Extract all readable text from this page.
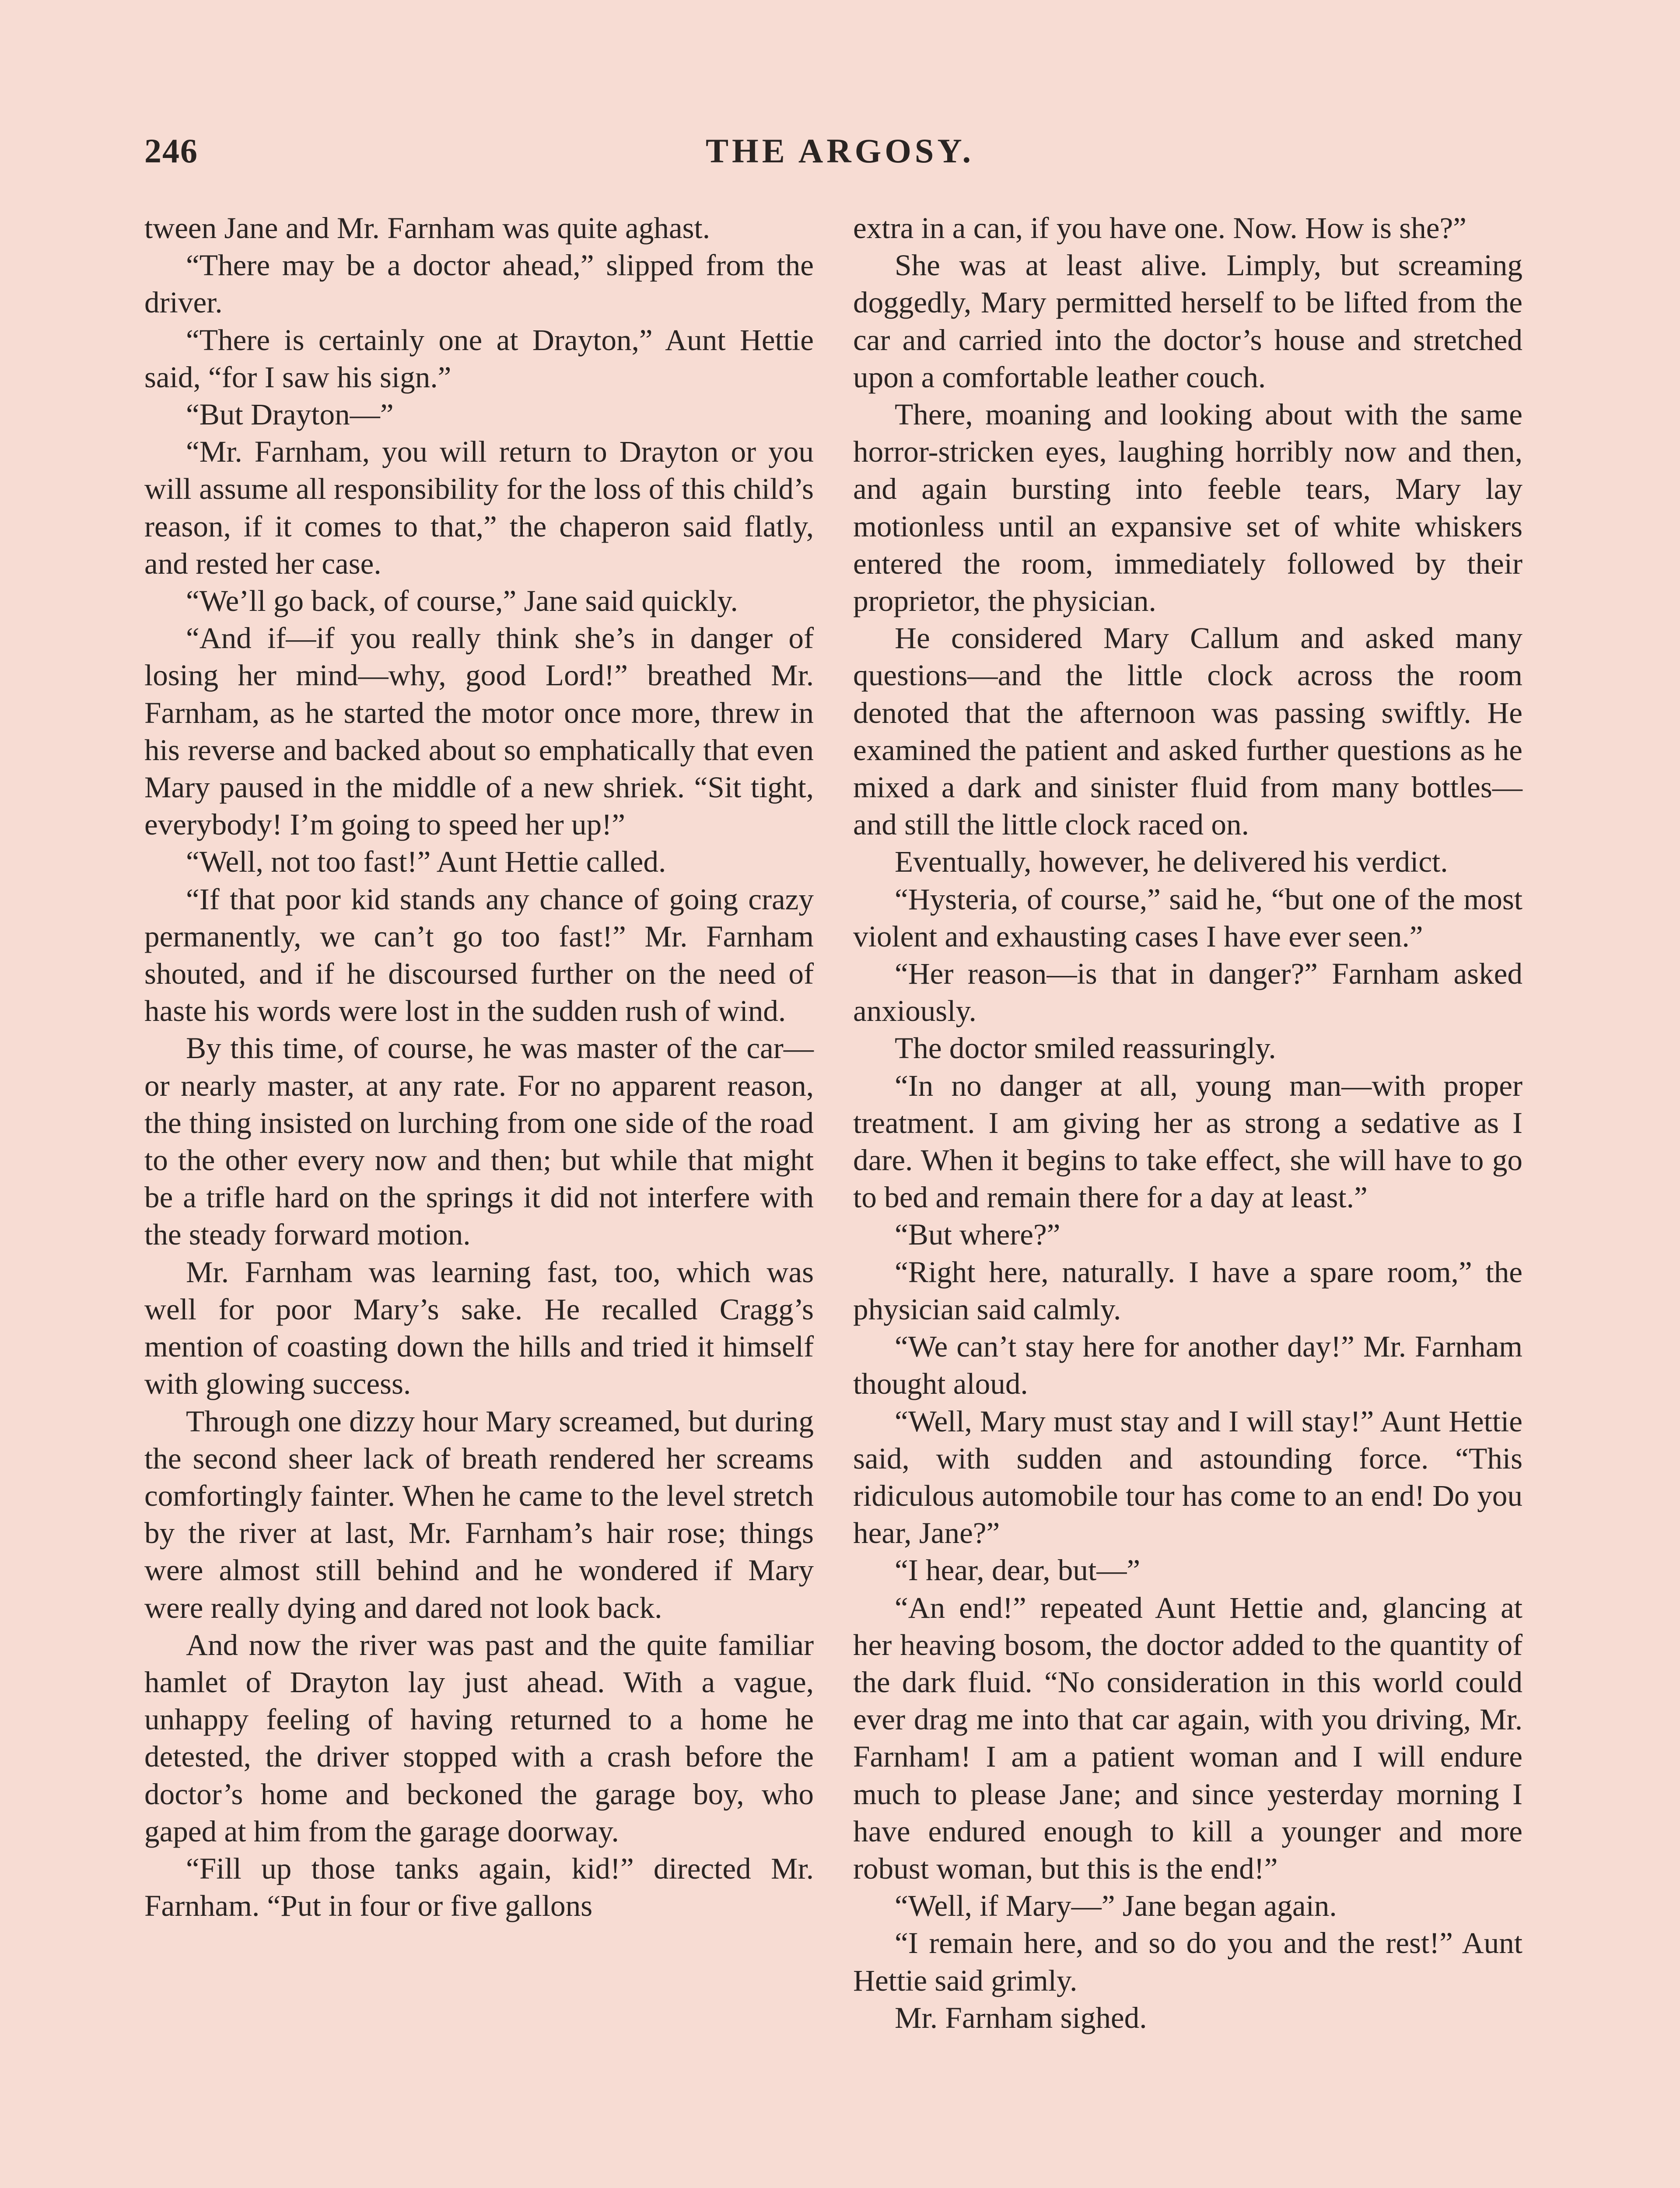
246	THE ARGOSY.

tween Jane and Mr. Farnham was quite aghast.

“There may be a doctor ahead,” slipped from the driver.

“There is certainly one at Drayton,” Aunt Hettie said, “for I saw his sign.”

“But Drayton—”

“Mr. Farnham, you will return to Drayton or you will assume all responsibility for the loss of this child’s reason, if it comes to that,” the chaperon said flatly, and rested her case.

“We’ll go back, of course,” Jane said quickly.

“And if—if you really think she’s in danger of losing her mind—why, good Lord!” breathed Mr. Farnham, as he started the motor once more, threw in his reverse and backed about so emphatically that even Mary paused in the middle of a new shriek. “Sit tight, everybody! I’m going to speed her up!”

“Well, not too fast!” Aunt Hettie called.

“If that poor kid stands any chance of going crazy permanently, we can’t go too fast!” Mr. Farnham shouted, and if he discoursed further on the need of haste his words were lost in the sudden rush of wind.

By this time, of course, he was master of the car—or nearly master, at any rate. For no apparent reason, the thing insisted on lurching from one side of the road to the other every now and then; but while that might be a trifle hard on the springs it did not interfere with the steady forward motion.

Mr. Farnham was learning fast, too, which was well for poor Mary’s sake. He recalled Cragg’s mention of coasting down the hills and tried it himself with glowing success.

Through one dizzy hour Mary screamed, but during the second sheer lack of breath rendered her screams comfortingly fainter. When he came to the level stretch by the river at last, Mr. Farnham’s hair rose; things were almost still behind and he wondered if Mary were really dying and dared not look back.

And now the river was past and the quite familiar hamlet of Drayton lay just ahead. With a vague, unhappy feeling of having returned to a home he detested, the driver stopped with a crash before the doctor’s home and beckoned the garage boy, who gaped at him from the garage doorway.

“Fill up those tanks again, kid!” directed Mr. Farnham. “Put in four or five gallons

extra in a can, if you have one. Now. How is she?”

She was at least alive. Limply, but screaming doggedly, Mary permitted herself to be lifted from the car and carried into the doctor’s house and stretched upon a comfortable leather couch.

There, moaning and looking about with the same horror-stricken eyes, laughing horribly now and then, and again bursting into feeble tears, Mary lay motionless until an expansive set of white whiskers entered the room, immediately followed by their proprietor, the physician.

He considered Mary Callum and asked many questions—and the little clock across the room denoted that the afternoon was passing swiftly. He examined the patient and asked further questions as he mixed a dark and sinister fluid from many bottles—and still the little clock raced on.

Eventually, however, he delivered his verdict.

“Hysteria, of course,” said he, “but one of the most violent and exhausting cases I have ever seen.”

“Her reason—is that in danger?” Farnham asked anxiously.

The doctor smiled reassuringly.

“In no danger at all, young man—with proper treatment. I am giving her as strong a sedative as I dare. When it begins to take effect, she will have to go to bed and remain there for a day at least.”

“But where?”

“Right here, naturally. I have a spare room,” the physician said calmly.

“We can’t stay here for another day!” Mr. Farnham thought aloud.

“Well, Mary must stay and I will stay!” Aunt Hettie said, with sudden and astounding force. “This ridiculous automobile tour has come to an end! Do you hear, Jane?”

“I hear, dear, but—”

“An end!” repeated Aunt Hettie and, glancing at her heaving bosom, the doctor added to the quantity of the dark fluid. “No consideration in this world could ever drag me into that car again, with you driving, Mr. Farnham! I am a patient woman and I will endure much to please Jane; and since yesterday morning I have endured enough to kill a younger and more robust woman, but this is the end!”

“Well, if Mary—” Jane began again.

“I remain here, and so do you and the rest!” Aunt Hettie said grimly.

Mr. Farnham sighed.
